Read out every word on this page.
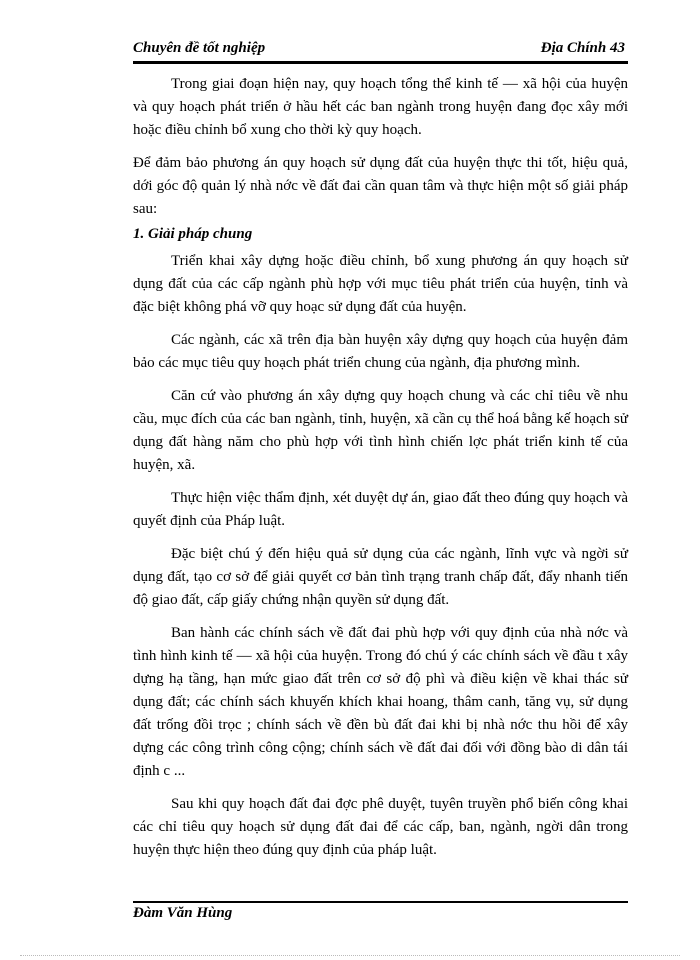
Chuyên đề tốt nghiệp	Địa Chính 43

Trong giai đoạn hiện nay, quy hoạch tổng thể kinh tế — xã hội của huyện và quy hoạch phát triển ở hầu hết các ban ngành trong huyện đang đọc xây mới hoặc điều chỉnh bổ xung cho thời kỳ quy hoạch.

Để đảm bảo phương án quy hoạch sử dụng đất của huyện thực thi tốt, hiệu quả, dới góc độ quản lý nhà nớc về đất đai cần quan tâm và thực hiện một số giải pháp sau:

1. Giải pháp chung

Triển khai xây dựng hoặc điều chỉnh, bổ xung phương án quy hoạch sử dụng đất của các cấp ngành phù hợp với mục tiêu phát triển của huyện, tỉnh và đặc biệt không phá vỡ quy hoạc sử dụng đất của huyện.

Các ngành, các xã trên địa bàn huyện xây dựng quy hoạch của huyện đảm bảo các mục tiêu quy hoạch phát triển chung của ngành, địa phương mình.

Căn cứ vào phương án xây dựng quy hoạch chung và các chỉ tiêu về nhu cầu, mục đích của các ban ngành, tỉnh, huyện, xã cần cụ thể hoá bằng kế hoạch sử dụng đất hàng năm cho phù hợp với tình hình chiến lợc phát triển kinh tế của huyện, xã.

Thực hiện việc thẩm định, xét duyệt dự án, giao đất theo đúng quy hoạch và quyết định của Pháp luật.

Đặc biệt chú ý đến hiệu quả sử dụng của các ngành, lĩnh vực và ngời sử dụng đất, tạo cơ sở để giải quyết cơ bản tình trạng tranh chấp đất, đẩy nhanh tiến độ giao đất, cấp giấy chứng nhận quyền sử dụng đất.

Ban hành các chính sách về đất đai phù hợp với quy định của nhà nớc và tình hình kinh tế — xã hội của huyện. Trong đó chú ý các chính sách về đầu t xây dựng hạ tầng, hạn mức giao đất trên cơ sở độ phì và điều kiện về khai thác sử dụng đất; các chính sách khuyến khích khai hoang, thâm canh, tăng vụ, sử dụng đất trống đồi trọc ; chính sách về đền bù đất đai khi bị nhà nớc thu hồi để xây dựng các công trình công cộng; chính sách về đất đai đối với đồng bào di dân tái định c ...

Sau khi quy hoạch đất đai đợc phê duyệt, tuyên truyền phổ biến công khai các chỉ tiêu quy hoạch sử dụng đất đai để các cấp, ban, ngành, ngời dân trong huyện thực hiện theo đúng quy định của pháp luật.

Đàm Văn Hùng
